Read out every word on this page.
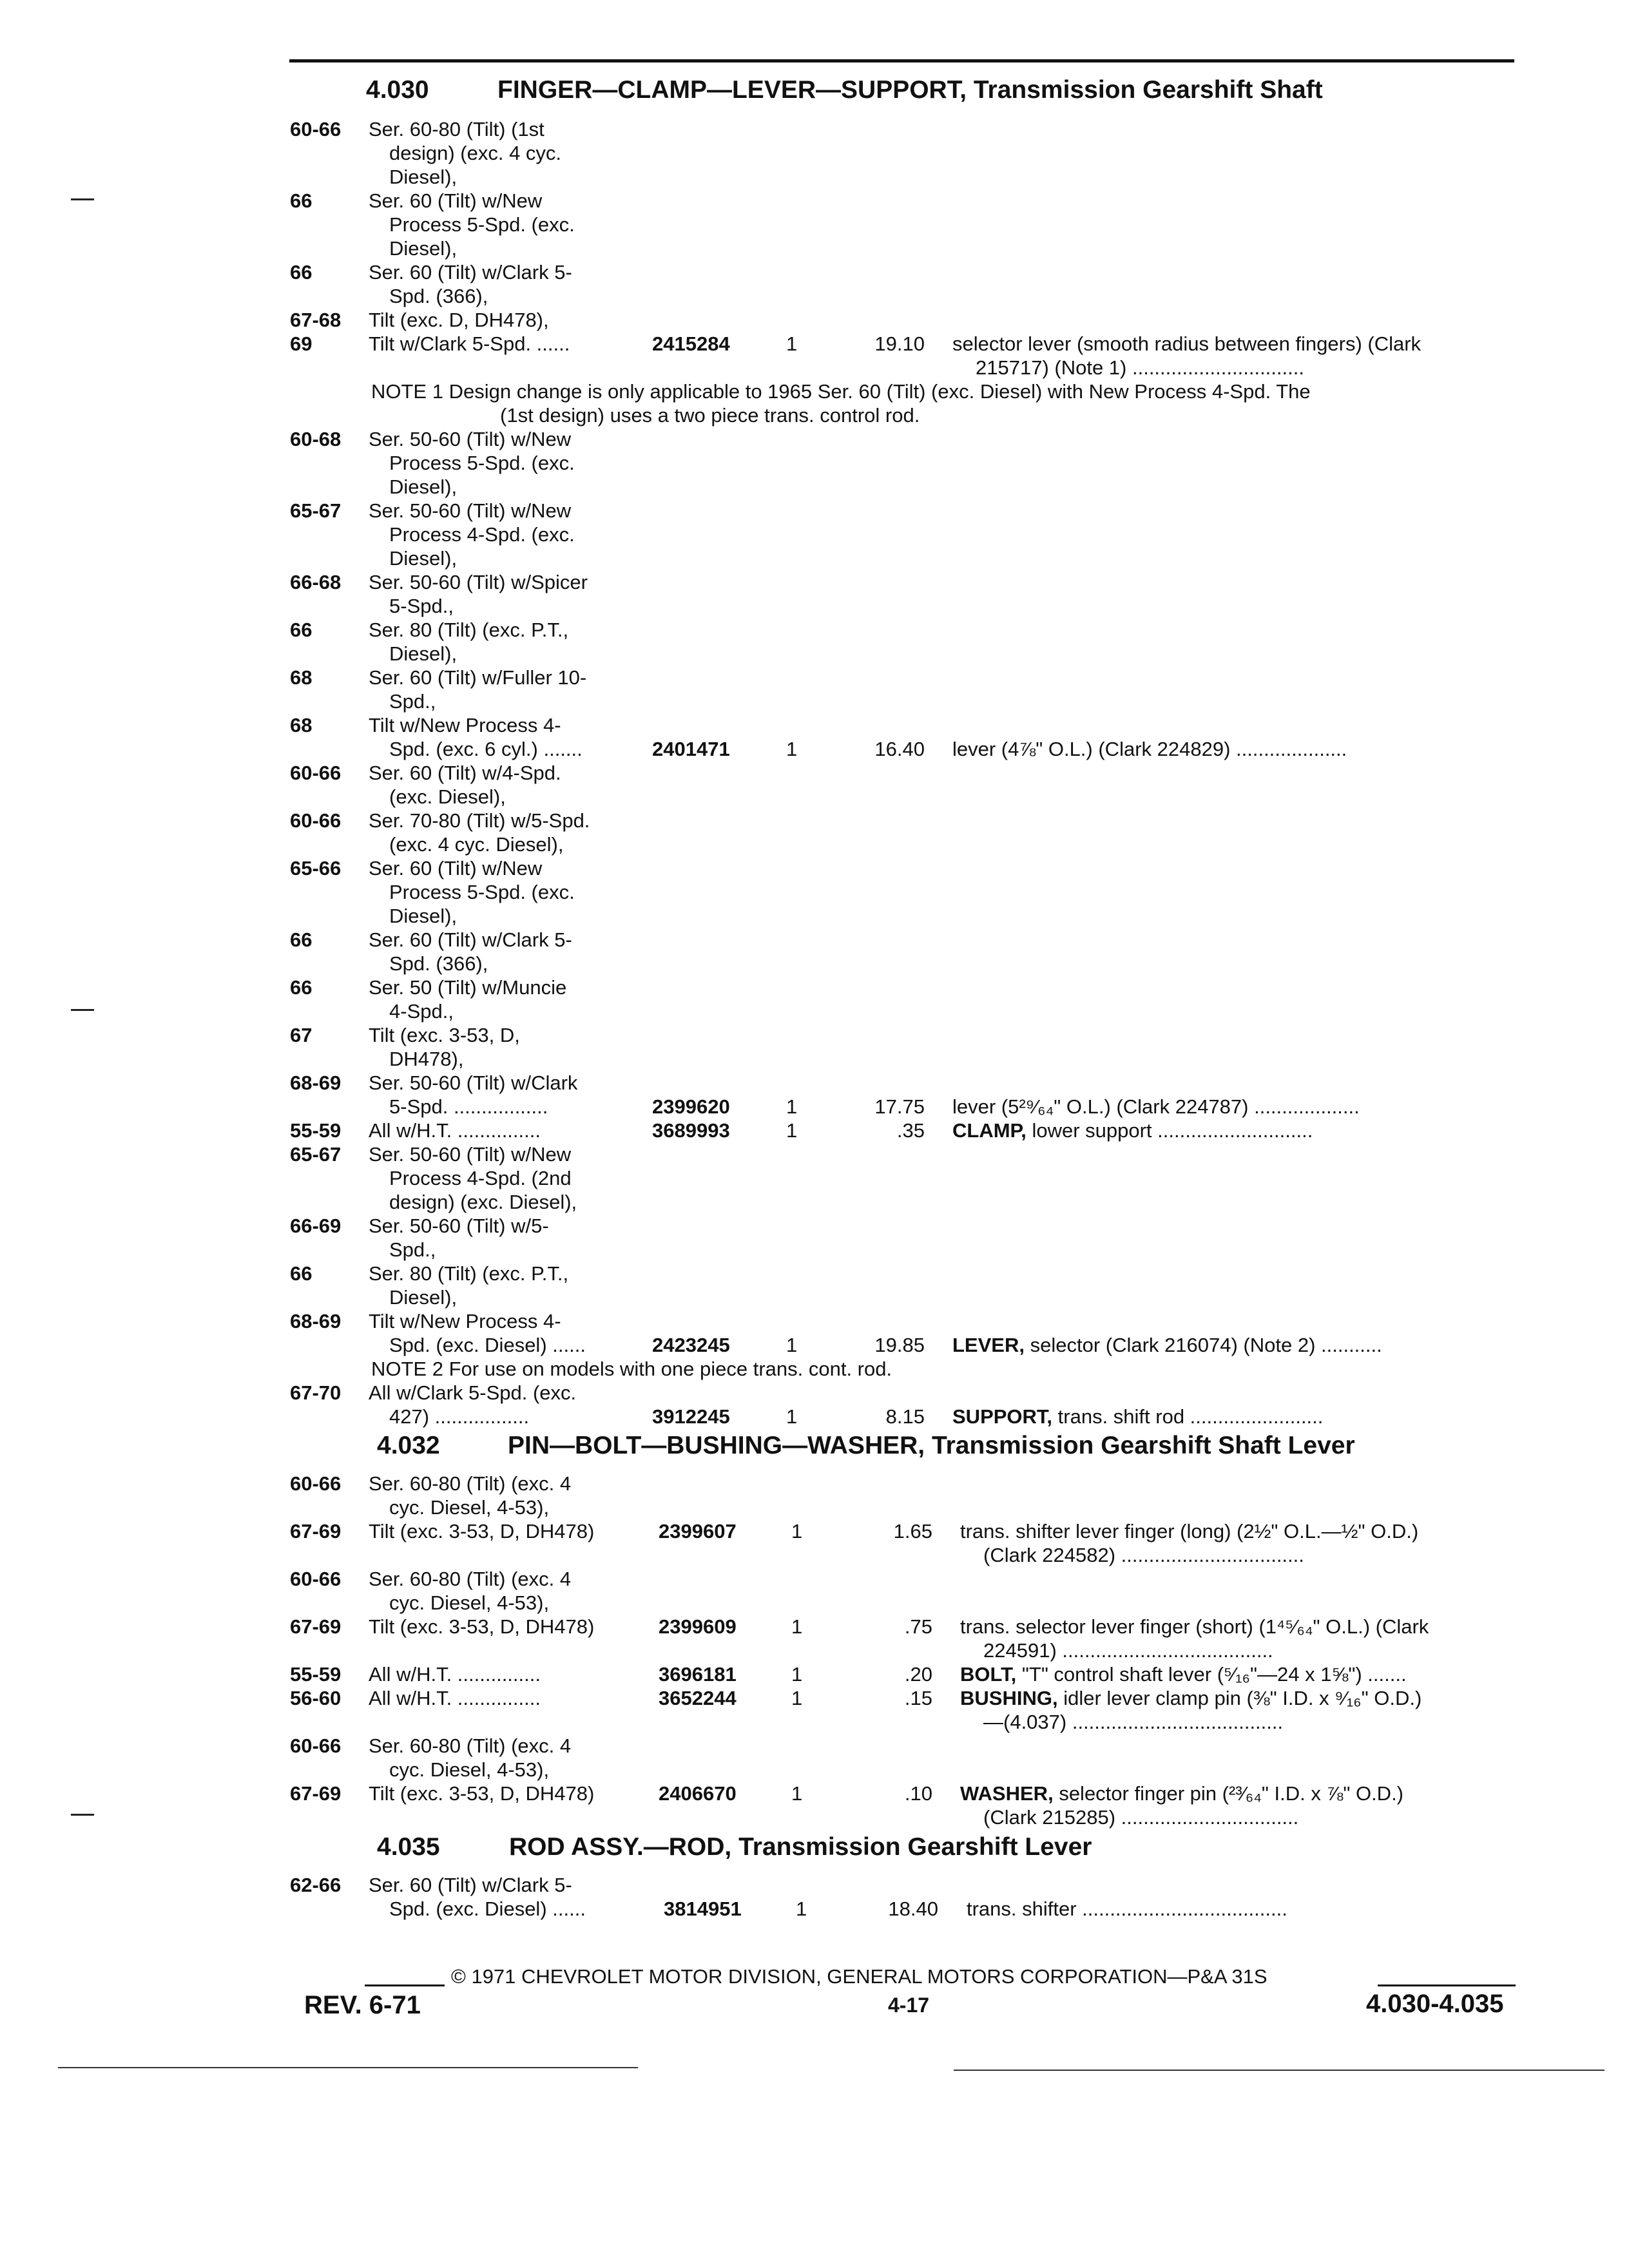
4.030	FINGER—CLAMP—LEVER—SUPPORT, Transmission Gearshift Shaft
60-66 Ser. 60-80 (Tilt) (1st
design) (exc. 4 cyc.
Diesel),
66	Ser. 60 (Tilt) w/New
Process 5-Spd. (exc.
Diesel),
66	Ser. 60 (Tilt) w/Clark 5-
Spd. (366),
67-68 Tilt (exc. D, DH478),
69	Tilt w/Clark 5-Spd. ......	2415284	1	19.10 selector lever (smooth radius between fingers) (Clark
215717) (Note 1) ...............................
NOTE 1 Design change is only applicable to 1965 Ser. 60 (Tilt) (exc. Diesel) with New Process 4-Spd. The
(1st design) uses a two piece trans. control rod.
60-68 Ser. 50-60 (Tilt) w/New
Process 5-Spd. (exc.
Diesel),
65-67 Ser. 50-60 (Tilt) w/New
Process 4-Spd. (exc.
Diesel),
66-68 Ser. 50-60 (Tilt) w/Spicer
5-Spd.,
66	Ser. 80 (Tilt) (exc. P.T.,
Diesel),
68	Ser. 60 (Tilt) w/Fuller 10-
Spd.,
68	Tilt w/New Process 4-
Spd. (exc. 6 cyl.) .......	2401471	1	16.40 lever (4⅞" O.L.) (Clark 224829) ....................
60-66 Ser. 60 (Tilt) w/4-Spd.
(exc. Diesel),
60-66 Ser. 70-80 (Tilt) w/5-Spd.
(exc. 4 cyc. Diesel),
65-66 Ser. 60 (Tilt) w/New
Process 5-Spd. (exc.
Diesel),
66	Ser. 60 (Tilt) w/Clark 5-
Spd. (366),
66	Ser. 50 (Tilt) w/Muncie
4-Spd.,
67	Tilt (exc. 3-53, D,
DH478),
68-69 Ser. 50-60 (Tilt) w/Clark
5-Spd. .................	2399620	1	17.75 lever (5²⁹⁄₆₄" O.L.) (Clark 224787) ...................
55-59 All w/H.T. ...............	3689993	1	.35 CLAMP, lower support ............................
65-67 Ser. 50-60 (Tilt) w/New
Process 4-Spd. (2nd
design) (exc. Diesel),
66-69 Ser. 50-60 (Tilt) w/5-
Spd.,
66	Ser. 80 (Tilt) (exc. P.T.,
Diesel),
68-69 Tilt w/New Process 4-
Spd. (exc. Diesel) ......	2423245	1	19.85 LEVER, selector (Clark 216074) (Note 2) ...........
NOTE 2 For use on models with one piece trans. cont. rod.
67-70 All w/Clark 5-Spd. (exc.
427) .................	3912245	1	8.15 SUPPORT, trans. shift rod ........................
4.032	PIN—BOLT—BUSHING—WASHER, Transmission Gearshift Shaft Lever
60-66 Ser. 60-80 (Tilt) (exc. 4
cyc. Diesel, 4-53),
67-69 Tilt (exc. 3-53, D, DH478)	2399607	1	1.65 trans. shifter lever finger (long) (2½" O.L.—½" O.D.)
(Clark 224582) .................................
60-66 Ser. 60-80 (Tilt) (exc. 4
cyc. Diesel, 4-53),
67-69 Tilt (exc. 3-53, D, DH478)	2399609	1	.75 trans. selector lever finger (short) (1⁴⁵⁄₆₄" O.L.) (Clark
224591) ......................................
55-59 All w/H.T. ...............	3696181	1	.20 BOLT, "T" control shaft lever (⁵⁄₁₆"—24 x 1⅝") .......
56-60 All w/H.T. ...............	3652244	1	.15 BUSHING, idler lever clamp pin (⅜" I.D. x ⁹⁄₁₆" O.D.)
—(4.037) ......................................
60-66 Ser. 60-80 (Tilt) (exc. 4
cyc. Diesel, 4-53),
67-69 Tilt (exc. 3-53, D, DH478)	2406670	1	.10 WASHER, selector finger pin (²³⁄₆₄" I.D. x ⅞" O.D.)
(Clark 215285) ................................
4.035	ROD ASSY.—ROD, Transmission Gearshift Lever
62-66 Ser. 60 (Tilt) w/Clark 5-
Spd. (exc. Diesel) ......	3814951	1	18.40 trans. shifter .....................................
© 1971 CHEVROLET MOTOR DIVISION, GENERAL MOTORS CORPORATION—P&A 31S
REV. 6-71	4-17	4.030-4.035
